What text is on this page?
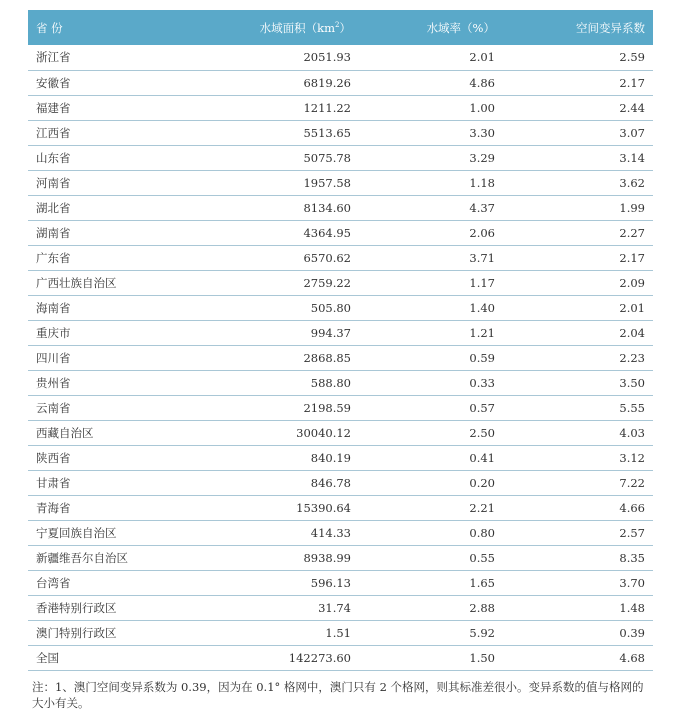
省 份	水域面积$(km^2)$	水域率（%）	空间变异系数
浙江省	2051.93	2.01	2.59
安徽省	6819.26	4.86	2.17
福建省	1211.22	1.00	2.44
江西省	5513.65	3.30	3.07
山东省	5075.78	3.29	3.14
河南省	1957.58	1.18	3.62
湖北省	8134.60	4.37	1.99
湖南省	4364.95	2.06	2.27
广东省	6570.62	3.71	2.17
广西壮族自治区	2759.22	1.17	2.09
海南省	505.80	1.40	2.01
重庆市	994.37	1.21	2.04
四川省	2868.85	0.59	2.23
贵州省	588.80	0.33	3.50
云南省	2198.59	0.57	5.55
西藏自治区	30040.12	2.50	4.03
陕西省	840.19	0.41	3.12
甘肃省	846.78	0.20	7.22
青海省	15390.64	2.21	4.66
宁夏回族自治区	414.33	0.80	2.57
新疆维吾尔自治区	8938.99	0.55	8.35
台湾省	596.13	1.65	3.70
香港特别行政区	31.74	2.88	1.48
澳门特别行政区	1.51	5.92	0.39
全国	142273.60	1.50	4.68
注：1、澳门空间变异系数为 0.39，因为在 0.1° 格网中，澳门只有 2 个格网，则其标准差很小。变异系数的值与格网的大小有关。
